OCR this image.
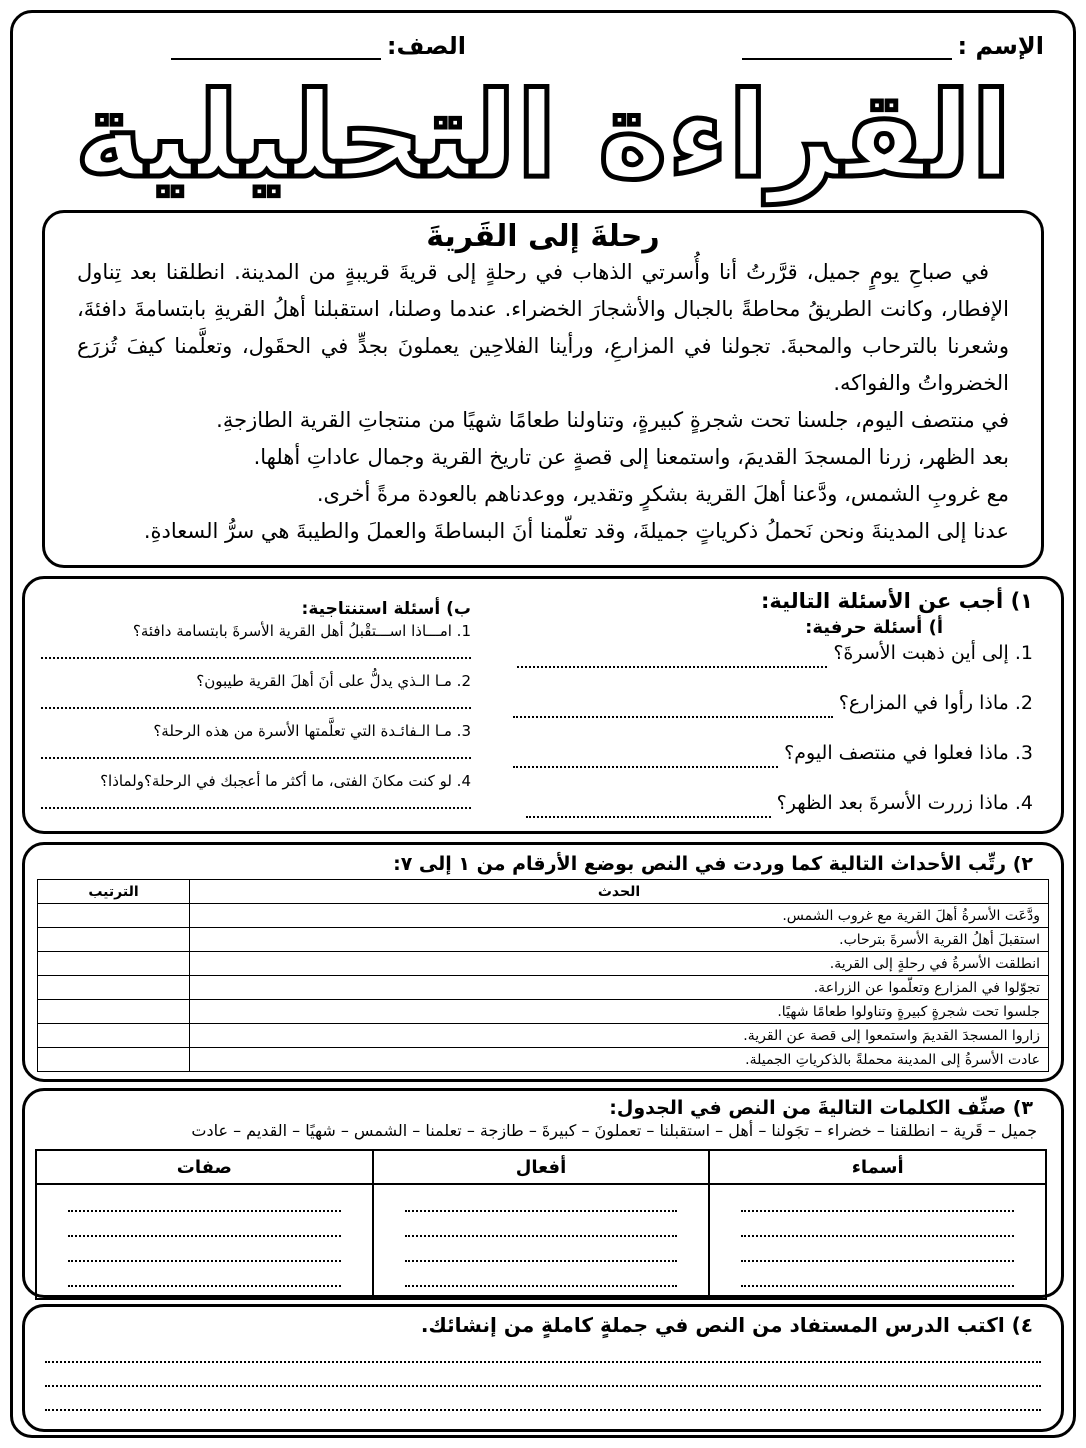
الإسم :
الصف:
القراءة التحليلية
رحلةَ إلى القَريةَ

في صباحِ يومٍ جميل، قرَّرتُ أنا وأُسرتي الذهاب في رحلةٍ إلى قريةَ قريبةٍ من المدينة. انطلقنا بعد تِناول الإفطار، وكانت الطريقُ محاطةً بالجبال والأشجارَ الخضراء. عندما وصلنا، استقبلنا أهلُ القريةِ بابتسامةَ دافئةَ، وشعرنا بالترحاب والمحبةَ. تجولنا في المزارعِ، ورأينا الفلاحِين يعملونَ بجدٍّ في الحقَول، وتعلَّمنا كيفَ تُزرَع الخضرواتُ والفواكه.

في منتصف اليوم، جلسنا تحت شجرةٍ كبيرةٍ، وتناولنا طعامًا شهيًا من منتجاتِ القرية الطازجةِ.

بعد الظهر، زرنا المسجدَ القديمَ، واستمعنا إلى قصةٍ عن تاريخ القرية وجمال عاداتِ أهلها.

مع غروبِ الشمس، ودَّعنا أهلَ القرية بشكرٍ وتقدير، ووعدناهم بالعودة مرةً أخرى.

عدنا إلى المدينةَ ونحن نَحملُ ذكرياتٍ جميلةَ، وقد تعلّمنا أنَ البساطةَ والعملَ والطيبةَ هي سرُّ السعادةِ.

١) أجب عن الأسئلة التالية:
أ) أسئلة حرفية:
1. إلى أين ذهبت الأسرةَ؟
2. ماذا رأوا في المزارع؟
3. ماذا فعلوا في منتصف اليوم؟
4. ماذا زررت الأسرةَ بعد الظهر؟
ب) أسئلة استنتاجية:
1. امـــاذا اســـتقْبلُ أهل القرية الأسرةَ بابتسامة دافئة؟
2. مـا الـذي يدلُّ على أنَ أهلَ القرية طيبون؟
3. مـا الـفائـدة التي تعلَّمتها الأسرة من هذه الرحلة؟
4. لو كنت مكانَ الفتى، ما أكثر ما أعجبك في الرحلة؟ولماذا؟
٢) رتِّب الأحداث التالية كما وردت في النص بوضع الأرقام من ١ إلى ٧:
الحدث	الترتيب
ودَّعَت الأسرةُ أهلَ القرية مع غروب الشمس.	
استقبلَ أهلُ القرية الأسرةَ بترحاب.	
انطلقت الأسرةُ في رحلةٍ إلى القرية.	
تجوّلوا في المزارع وتعلّموا عن الزراعة.	
جلسوا تحت شجرةٍ كبيرةٍ وتناولوا طعامًا شهيًا.	
زاروا المسجدَ القديمَ واستمعوا إلى قصة عن القرية.	
عادت الأسرةُ إلى المدينة محملةً بالذكرياتِ الجميلة.	
٣) صنِّف الكلمات التاليةَ من النص في الجدول:
جميل – قَرية – انطلقنا – خضراء – تجَولنا – أهل – استقبلنا – تعملونَ – كبيرةَ – طازجة – تعلمنا – الشمس – شهيًا – القديم – عادت
أسماء	أفعال	صفات

٤) اكتب الدرس المستفاد من النص في جملةٍ كاملةٍ من إنشائك.
